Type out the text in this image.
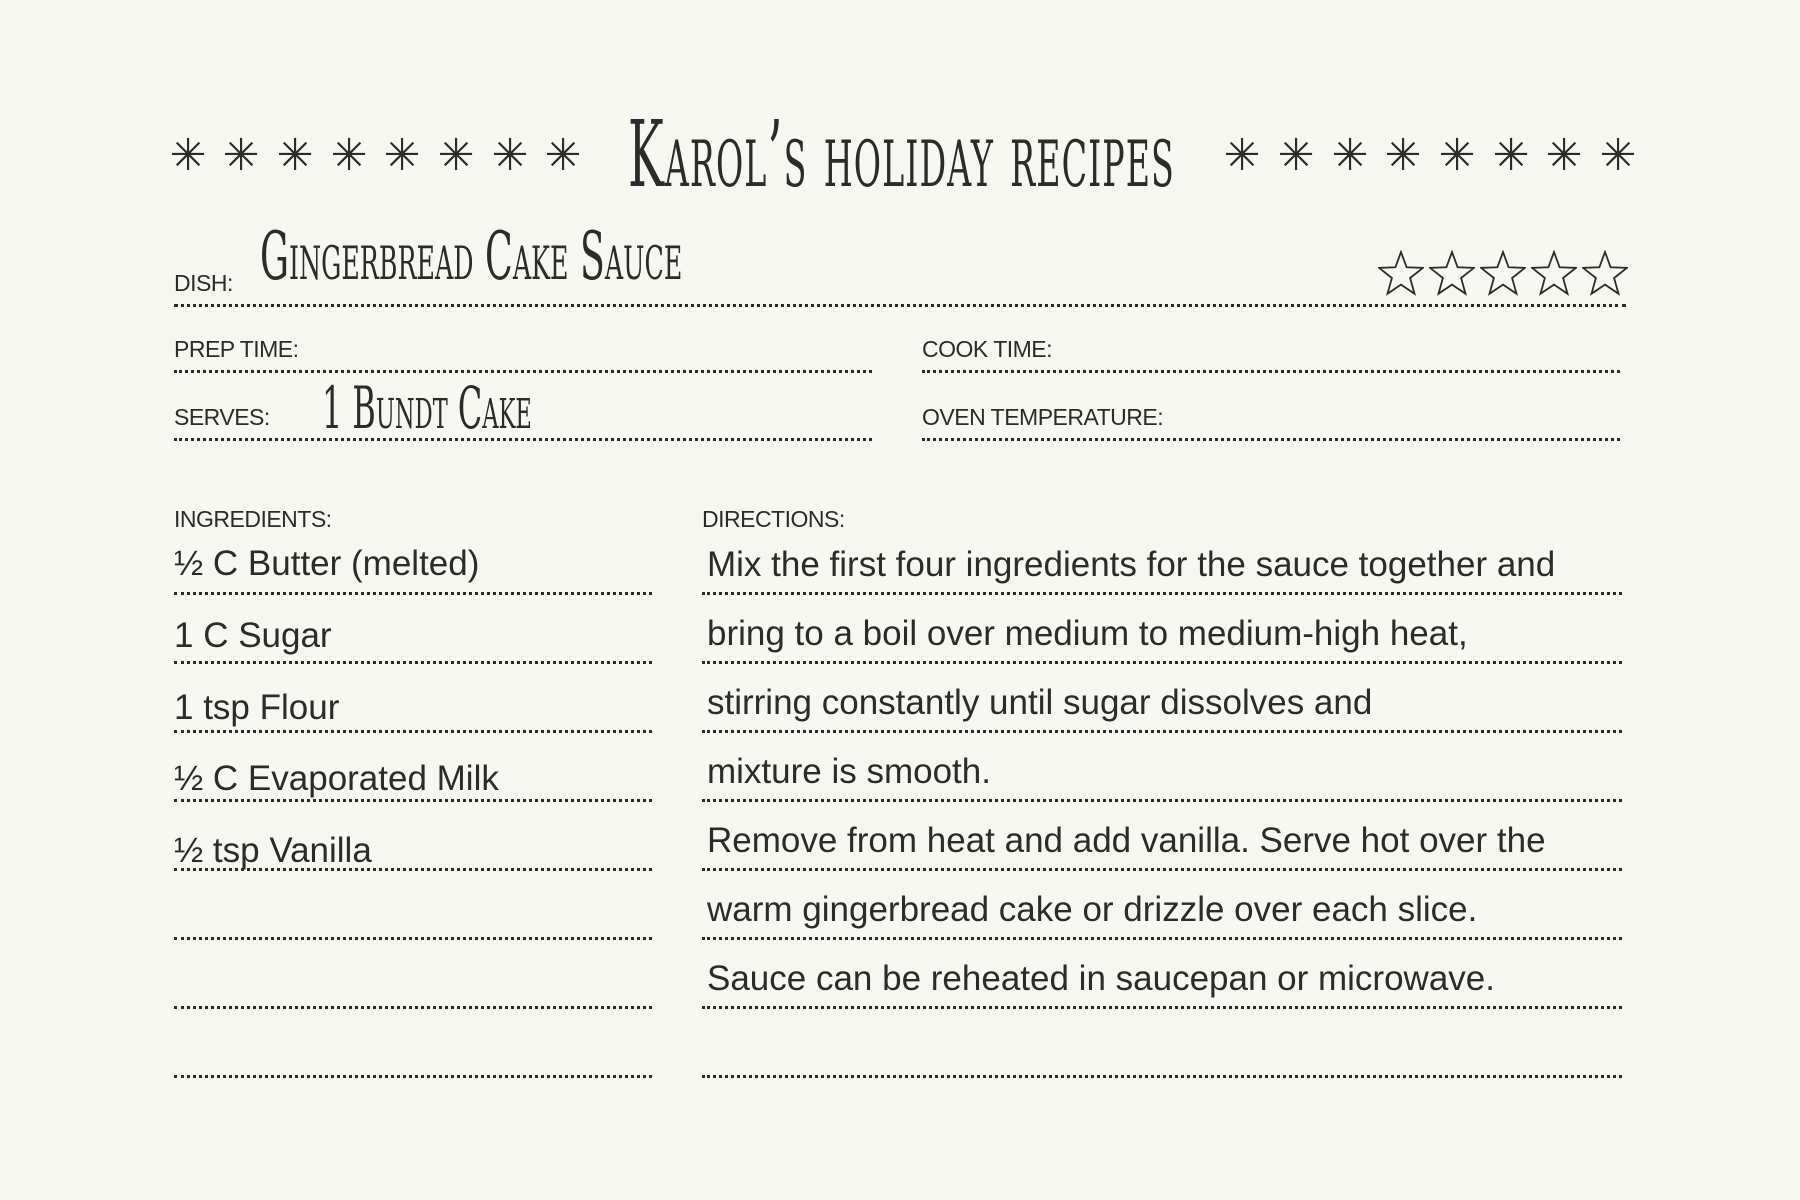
✳ ✳ ✳ ✳ ✳ ✳ ✳ ✳ Karol’s holiday recipes ✳ ✳ ✳ ✳ ✳ ✳ ✳ ✳
DISH: Gingerbread Cake Sauce
PREP TIME:	COOK TIME:
SERVES: 1 Bundt Cake	OVEN TEMPERATURE:
INGREDIENTS:
½ C Butter (melted)
1 C Sugar
1 tsp Flour
½ C Evaporated Milk
½ tsp Vanilla
DIRECTIONS:
Mix the first four ingredients for the sauce together and
bring to a boil over medium to medium-high heat,
stirring constantly until sugar dissolves and
mixture is smooth.
Remove from heat and add vanilla. Serve hot over the
warm gingerbread cake or drizzle over each slice.
Sauce can be reheated in saucepan or microwave.
